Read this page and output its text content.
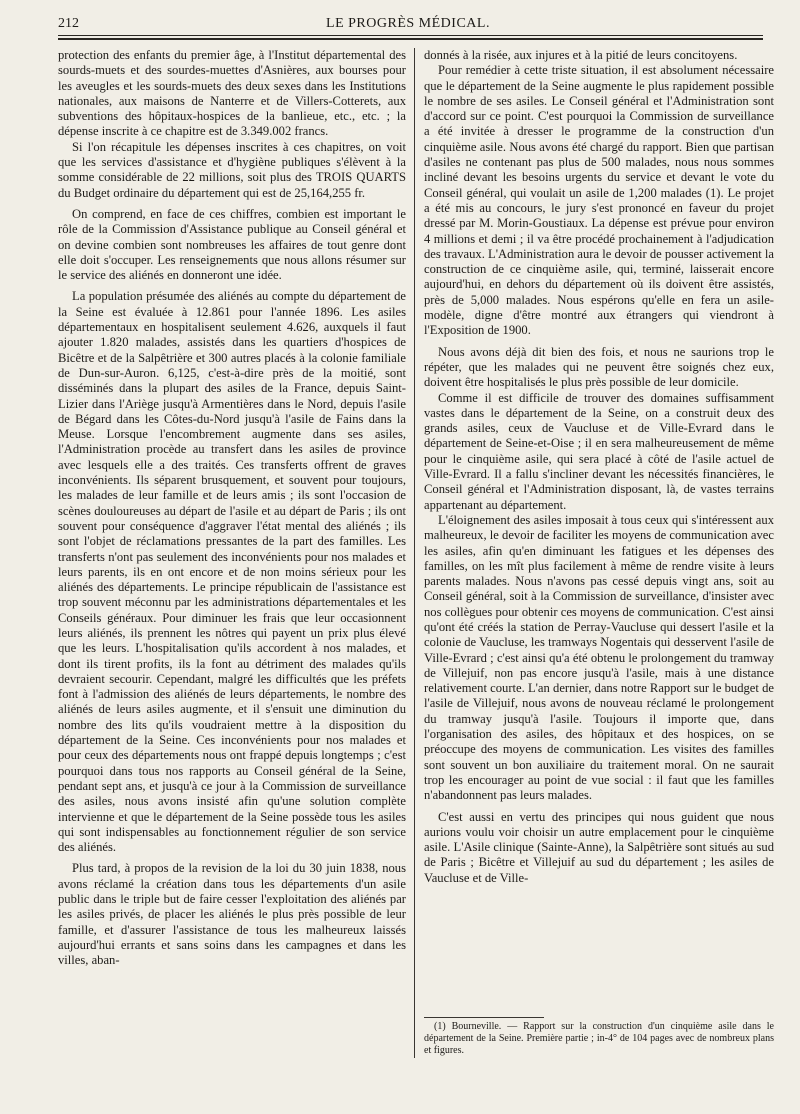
212	LE PROGRÈS MÉDICAL.

protection des enfants du premier âge, à l'Institut départemental des sourds-muets et des sourdes-muettes d'Asnières, aux bourses pour les aveugles et les sourds-muets des deux sexes dans les Institutions nationales, aux maisons de Nanterre et de Villers-Cotterets, aux subventions des hôpitaux-hospices de la banlieue, etc., etc. ; la dépense inscrite à ce chapitre est de 3.349.002 francs.

Si l'on récapitule les dépenses inscrites à ces chapitres, on voit que les services d'assistance et d'hygiène publiques s'élèvent à la somme considérable de 22 millions, soit plus des TROIS QUARTS du Budget ordinaire du département qui est de 25,164,255 fr.

On comprend, en face de ces chiffres, combien est important le rôle de la Commission d'Assistance publique au Conseil général et on devine combien sont nombreuses les affaires de tout genre dont elle doit s'occuper. Les renseignements que nous allons résumer sur le service des aliénés en donneront une idée.

La population présumée des aliénés au compte du département de la Seine est évaluée à 12.861 pour l'année 1896. Les asiles départementaux en hospitalisent seulement 4.626, auxquels il faut ajouter 1.820 malades, assistés dans les quartiers d'hospices de Bicêtre et de la Salpêtrière et 300 autres placés à la colonie familiale de Dun-sur-Auron. 6,125, c'est-à-dire près de la moitié, sont disséminés dans la plupart des asiles de la France, depuis Saint-Lizier dans l'Ariège jusqu'à Armentières dans le Nord, depuis l'asile de Bégard dans les Côtes-du-Nord jusqu'à l'asile de Fains dans la Meuse. Lorsque l'encombrement augmente dans ses asiles, l'Administration procède au transfert dans les asiles de province avec lesquels elle a des traités. Ces transferts offrent de graves inconvénients. Ils séparent brusquement, et souvent pour toujours, les malades de leur famille et de leurs amis ; ils sont l'occasion de scènes douloureuses au départ de l'asile et au départ de Paris ; ils ont souvent pour conséquence d'aggraver l'état mental des aliénés ; ils sont l'objet de réclamations pressantes de la part des familles. Les transferts n'ont pas seulement des inconvénients pour nos malades et leurs parents, ils en ont encore et de non moins sérieux pour les aliénés des départements. Le principe républicain de l'assistance est trop souvent méconnu par les administrations départementales et les Conseils généraux. Pour diminuer les frais que leur occasionnent leurs aliénés, ils prennent les nôtres qui payent un prix plus élevé que les leurs. L'hospitalisation qu'ils accordent à nos malades, et dont ils tirent profits, ils la font au détriment des malades qu'ils devraient secourir. Cependant, malgré les difficultés que les préfets font à l'admission des aliénés de leurs départements, le nombre des aliénés de leurs asiles augmente, et il s'ensuit une diminution du nombre des lits qu'ils voudraient mettre à la disposition du département de la Seine. Ces inconvénients pour nos malades et pour ceux des départements nous ont frappé depuis longtemps ; c'est pourquoi dans tous nos rapports au Conseil général de la Seine, pendant sept ans, et jusqu'à ce jour à la Commission de surveillance des asiles, nous avons insisté afin qu'une solution complète intervienne et que le département de la Seine possède tous les asiles qui sont indispensables au fonctionnement régulier de son service des aliénés.

Plus tard, à propos de la revision de la loi du 30 juin 1838, nous avons réclamé la création dans tous les départements d'un asile public dans le triple but de faire cesser l'exploitation des aliénés par les asiles privés, de placer les aliénés le plus près possible de leur famille, et d'assurer l'assistance de tous les malheureux laissés aujourd'hui errants et sans soins dans les campagnes et dans les villes, aban-

donnés à la risée, aux injures et à la pitié de leurs concitoyens.

Pour remédier à cette triste situation, il est absolument nécessaire que le département de la Seine augmente le plus rapidement possible le nombre de ses asiles. Le Conseil général et l'Administration sont d'accord sur ce point. C'est pourquoi la Commission de surveillance a été invitée à dresser le programme de la construction d'un cinquième asile. Nous avons été chargé du rapport. Bien que partisan d'asiles ne contenant pas plus de 500 malades, nous nous sommes incliné devant les besoins urgents du service et devant le vote du Conseil général, qui voulait un asile de 1,200 malades (1). Le projet a été mis au concours, le jury s'est prononcé en faveur du projet dressé par M. Morin-Goustiaux. La dépense est prévue pour environ 4 millions et demi ; il va être procédé prochainement à l'adjudication des travaux. L'Administration aura le devoir de pousser activement la construction de ce cinquième asile, qui, terminé, laisserait encore aujourd'hui, en dehors du département où ils doivent être assistés, près de 5,000 malades. Nous espérons qu'elle en fera un asile-modèle, digne d'être montré aux étrangers qui viendront à l'Exposition de 1900.

Nous avons déjà dit bien des fois, et nous ne saurions trop le répéter, que les malades qui ne peuvent être soignés chez eux, doivent être hospitalisés le plus près possible de leur domicile.

Comme il est difficile de trouver des domaines suffisamment vastes dans le département de la Seine, on a construit deux des grands asiles, ceux de Vaucluse et de Ville-Evrard dans le département de Seine-et-Oise ; il en sera malheureusement de même pour le cinquième asile, qui sera placé à côté de l'asile actuel de Ville-Evrard. Il a fallu s'incliner devant les nécessités financières, le Conseil général et l'Administration disposant, là, de vastes terrains appartenant au département.

L'éloignement des asiles imposait à tous ceux qui s'intéressent aux malheureux, le devoir de faciliter les moyens de communication avec les asiles, afin qu'en diminuant les fatigues et les dépenses des familles, on les mît plus facilement à même de rendre visite à leurs parents malades. Nous n'avons pas cessé depuis vingt ans, soit au Conseil général, soit à la Commission de surveillance, d'insister avec nos collègues pour obtenir ces moyens de communication. C'est ainsi qu'ont été créés la station de Perray-Vaucluse qui dessert l'asile et la colonie de Vaucluse, les tramways Nogentais qui desservent l'asile de Ville-Evrard ; c'est ainsi qu'a été obtenu le prolongement du tramway de Villejuif, non pas encore jusqu'à l'asile, mais à une distance relativement courte. L'an dernier, dans notre Rapport sur le budget de l'asile de Villejuif, nous avons de nouveau réclamé le prolongement du tramway jusqu'à l'asile. Toujours il importe que, dans l'organisation des asiles, des hôpitaux et des hospices, on se préoccupe des moyens de communication. Les visites des familles sont souvent un bon auxiliaire du traitement moral. On ne saurait trop les encourager au point de vue social : il faut que les familles n'abandonnent pas leurs malades.

C'est aussi en vertu des principes qui nous guident que nous aurions voulu voir choisir un autre emplacement pour le cinquième asile. L'Asile clinique (Sainte-Anne), la Salpêtrière sont situés au sud de Paris ; Bicêtre et Villejuif au sud du département ; les asiles de Vaucluse et de Ville-

(1) Bourneville. — Rapport sur la construction d'un cinquième asile dans le département de la Seine. Première partie ; in-4° de 104 pages avec de nombreux plans et figures.
